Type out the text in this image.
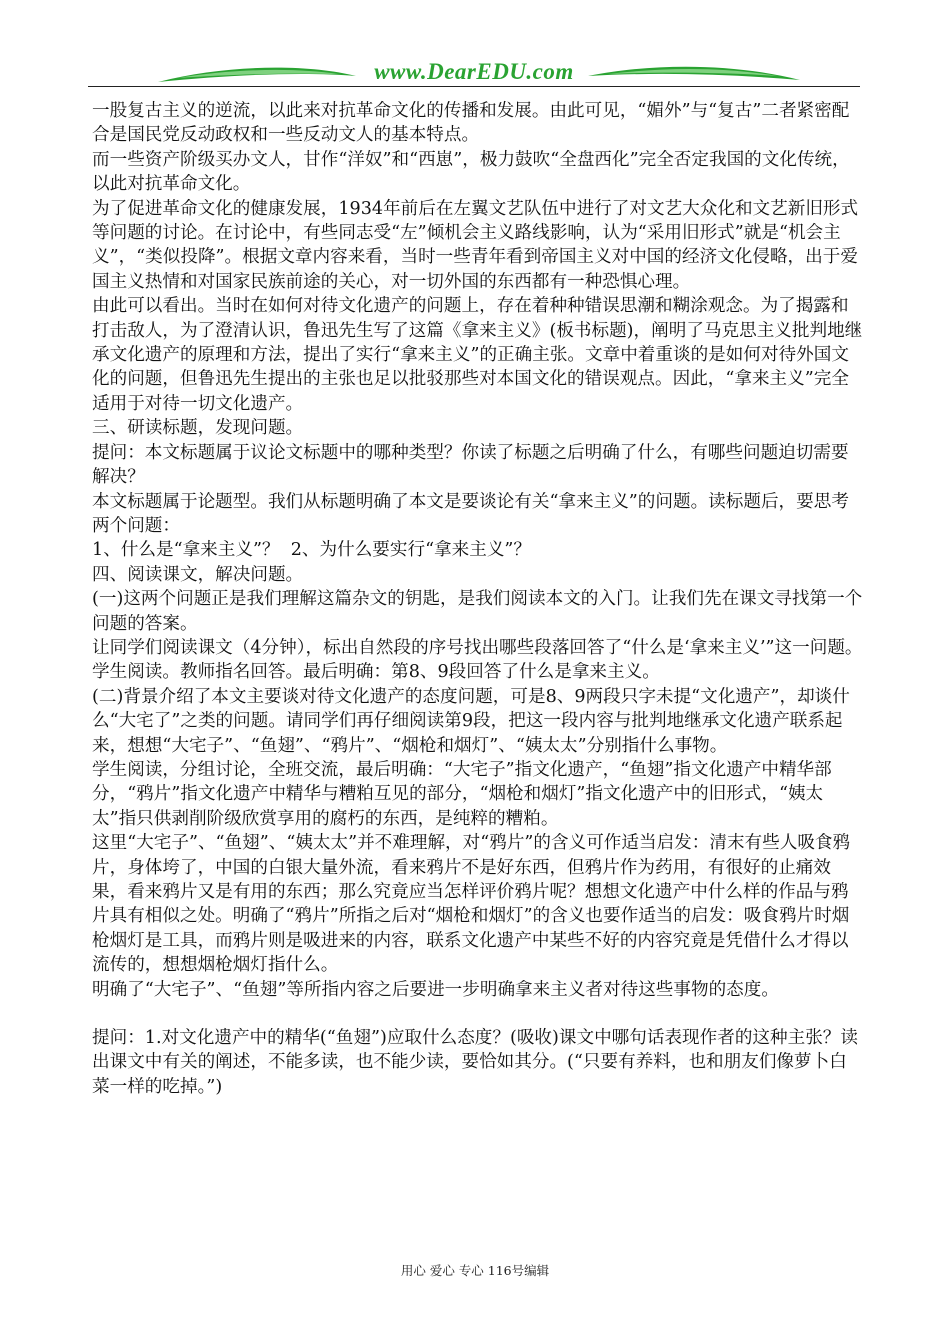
www.DearEDU.com

一股复古主义的逆流，以此来对抗革命文化的传播和发展。由此可见，“媚外”与“复古”二者紧密配合是国民党反动政权和一些反动文人的基本特点。

而一些资产阶级买办文人，甘作“洋奴”和“西崽”，极力鼓吹“全盘西化”完全否定我国的文化传统，以此对抗革命文化。

为了促进革命文化的健康发展，1934年前后在左翼文艺队伍中进行了对文艺大众化和文艺新旧形式等问题的讨论。在讨论中，有些同志受“左”倾机会主义路线影响，认为“采用旧形式”就是“机会主义”，“类似投降”。根据文章内容来看，当时一些青年看到帝国主义对中国的经济文化侵略，出于爱国主义热情和对国家民族前途的关心，对一切外国的东西都有一种恐惧心理。

由此可以看出。当时在如何对待文化遗产的问题上，存在着种种错误思潮和糊涂观念。为了揭露和打击敌人，为了澄清认识，鲁迅先生写了这篇《拿来主义》(板书标题)，阐明了马克思主义批判地继承文化遗产的原理和方法，提出了实行“拿来主义”的正确主张。文章中着重谈的是如何对待外国文化的问题，但鲁迅先生提出的主张也足以批驳那些对本国文化的错误观点。因此，“拿来主义”完全适用于对待一切文化遗产。

三、研读标题，发现问题。

提问：本文标题属于议论文标题中的哪种类型？你读了标题之后明确了什么，有哪些问题迫切需要解决？

本文标题属于论题型。我们从标题明确了本文是要谈论有关“拿来主义”的问题。读标题后，要思考两个问题：

1、什么是“拿来主义”？  2、为什么要实行“拿来主义”？

四、阅读课文，解决问题。

(一)这两个问题正是我们理解这篇杂文的钥匙，是我们阅读本文的入门。让我们先在课文寻找第一个问题的答案。

让同学们阅读课文（4分钟），标出自然段的序号找出哪些段落回答了“什么是‘拿来主义’”这一问题。

学生阅读。教师指名回答。最后明确：第8、9段回答了什么是拿来主义。

(二)背景介绍了本文主要谈对待文化遗产的态度问题，可是8、9两段只字未提“文化遗产”，却谈什么“大宅了”之类的问题。请同学们再仔细阅读第9段，把这一段内容与批判地继承文化遗产联系起来，想想“大宅子”、“鱼翅”、“鸦片”、“烟枪和烟灯”、“姨太太”分别指什么事物。

学生阅读，分组讨论，全班交流，最后明确：“大宅子”指文化遗产，“鱼翅”指文化遗产中精华部分，“鸦片”指文化遗产中精华与糟粕互见的部分，“烟枪和烟灯”指文化遗产中的旧形式，“姨太太”指只供剥削阶级欣赏享用的腐朽的东西，是纯粹的糟粕。

这里“大宅子”、“鱼翅”、“姨太太”并不难理解，对“鸦片”的含义可作适当启发：清末有些人吸食鸦片，身体垮了，中国的白银大量外流，看来鸦片不是好东西，但鸦片作为药用，有很好的止痛效果，看来鸦片又是有用的东西；那么究竟应当怎样评价鸦片呢？想想文化遗产中什么样的作品与鸦片具有相似之处。明确了“鸦片”所指之后对“烟枪和烟灯”的含义也要作适当的启发：吸食鸦片时烟枪烟灯是工具，而鸦片则是吸进来的内容，联系文化遗产中某些不好的内容究竟是凭借什么才得以流传的，想想烟枪烟灯指什么。

明确了“大宅子”、“鱼翅”等所指内容之后要进一步明确拿来主义者对待这些事物的态度。

提问：1.对文化遗产中的精华(“鱼翅”)应取什么态度？(吸收)课文中哪句话表现作者的这种主张？读出课文中有关的阐述，不能多读，也不能少读，要恰如其分。(“只要有养料，也和朋友们像萝卜白菜一样的吃掉。”)

用心 爱心 专心 116号编辑
